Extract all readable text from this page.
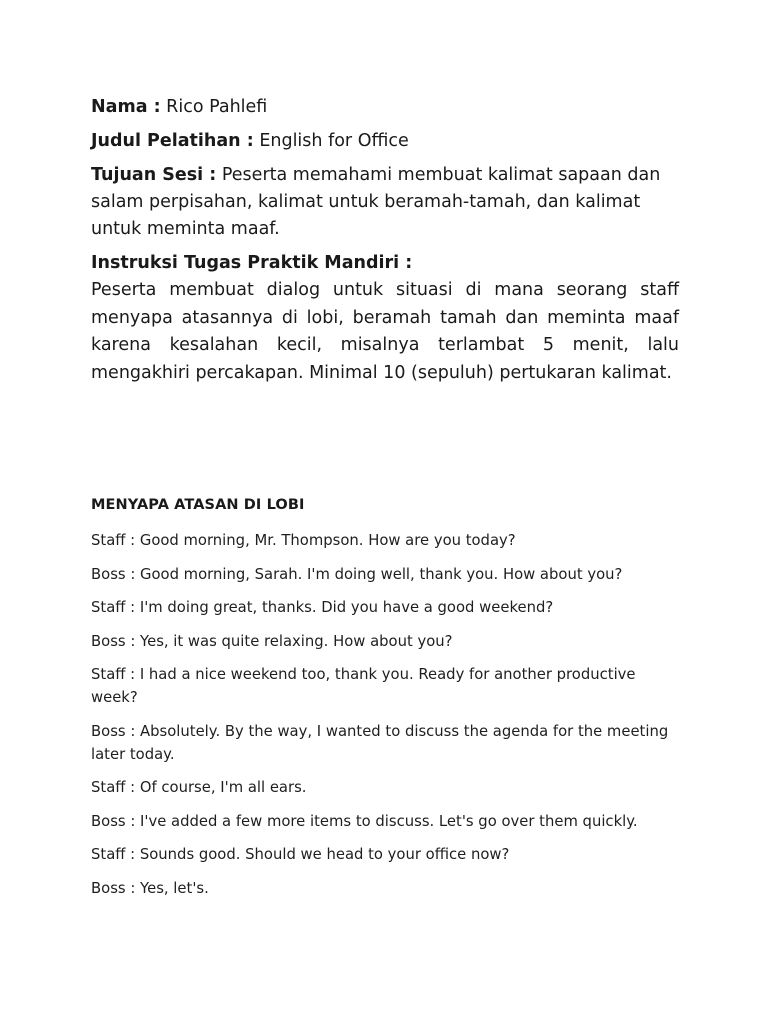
Nama : Rico Pahlefi

Judul Pelatihan : English for Office

Tujuan Sesi : Peserta memahami membuat kalimat sapaan dan salam perpisahan, kalimat untuk beramah-tamah, dan kalimat untuk meminta maaf.

Instruksi Tugas Praktik Mandiri :

Peserta membuat dialog untuk situasi di mana seorang staff menyapa atasannya di lobi, beramah tamah dan meminta maaf karena kesalahan kecil, misalnya terlambat 5 menit, lalu mengakhiri percakapan. Minimal 10 (sepuluh) pertukaran kalimat.

MENYAPA ATASAN DI LOBI

Staff : Good morning, Mr. Thompson. How are you today?
Boss : Good morning, Sarah. I'm doing well, thank you. How about you?
Staff : I'm doing great, thanks. Did you have a good weekend?
Boss : Yes, it was quite relaxing. How about you?
Staff : I had a nice weekend too, thank you. Ready for another productive week?
Boss : Absolutely. By the way, I wanted to discuss the agenda for the meeting later today.
Staff : Of course, I'm all ears.
Boss : I've added a few more items to discuss. Let's go over them quickly.
Staff : Sounds good. Should we head to your office now?
Boss : Yes, let's.
